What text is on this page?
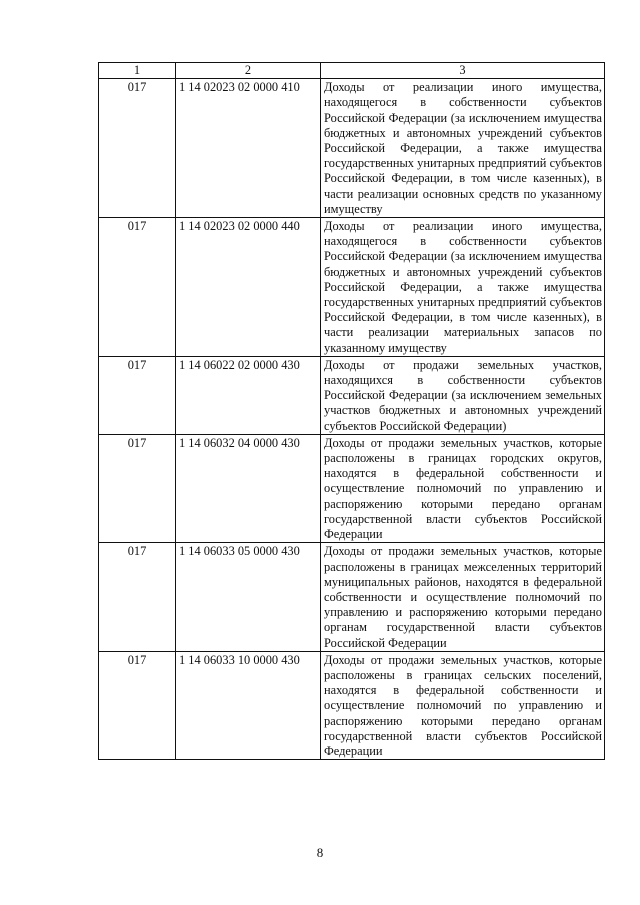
1	2	3
017	1 14 02023 02 0000 410	Доходы от реализации иного имущества, находящегося в собственности субъектов Российской Федерации (за исключением имущества бюджетных и автономных учреждений субъектов Российской Федерации, а также имущества государственных унитарных предприятий субъектов Российской Федерации, в том числе казенных), в части реализации основных средств по указанному имуществу
017	1 14 02023 02 0000 440	Доходы от реализации иного имущества, находящегося в собственности субъектов Российской Федерации (за исключением имущества бюджетных и автономных учреждений субъектов Российской Федерации, а также имущества государственных унитарных предприятий субъектов Российской Федерации, в том числе казенных), в части реализации материальных запасов по указанному имуществу
017	1 14 06022 02 0000 430	Доходы от продажи земельных участков, находящихся в собственности субъектов Российской Федерации (за исключением земельных участков бюджетных и автономных учреждений субъектов Российской Федерации)
017	1 14 06032 04 0000 430	Доходы от продажи земельных участков, которые расположены в границах городских округов, находятся в федеральной собственности и осуществление полномочий по управлению и распоряжению которыми передано органам государственной власти субъектов Российской Федерации
017	1 14 06033 05 0000 430	Доходы от продажи земельных участков, которые расположены в границах межселенных территорий муниципальных районов, находятся в федеральной собственности и осуществление полномочий по управлению и распоряжению которыми передано органам государственной власти субъектов Российской Федерации
017	1 14 06033 10 0000 430	Доходы от продажи земельных участков, которые расположены в границах сельских поселений, находятся в федеральной собственности и осуществление полномочий по управлению и распоряжению которыми передано органам государственной власти субъектов Российской Федерации
8
